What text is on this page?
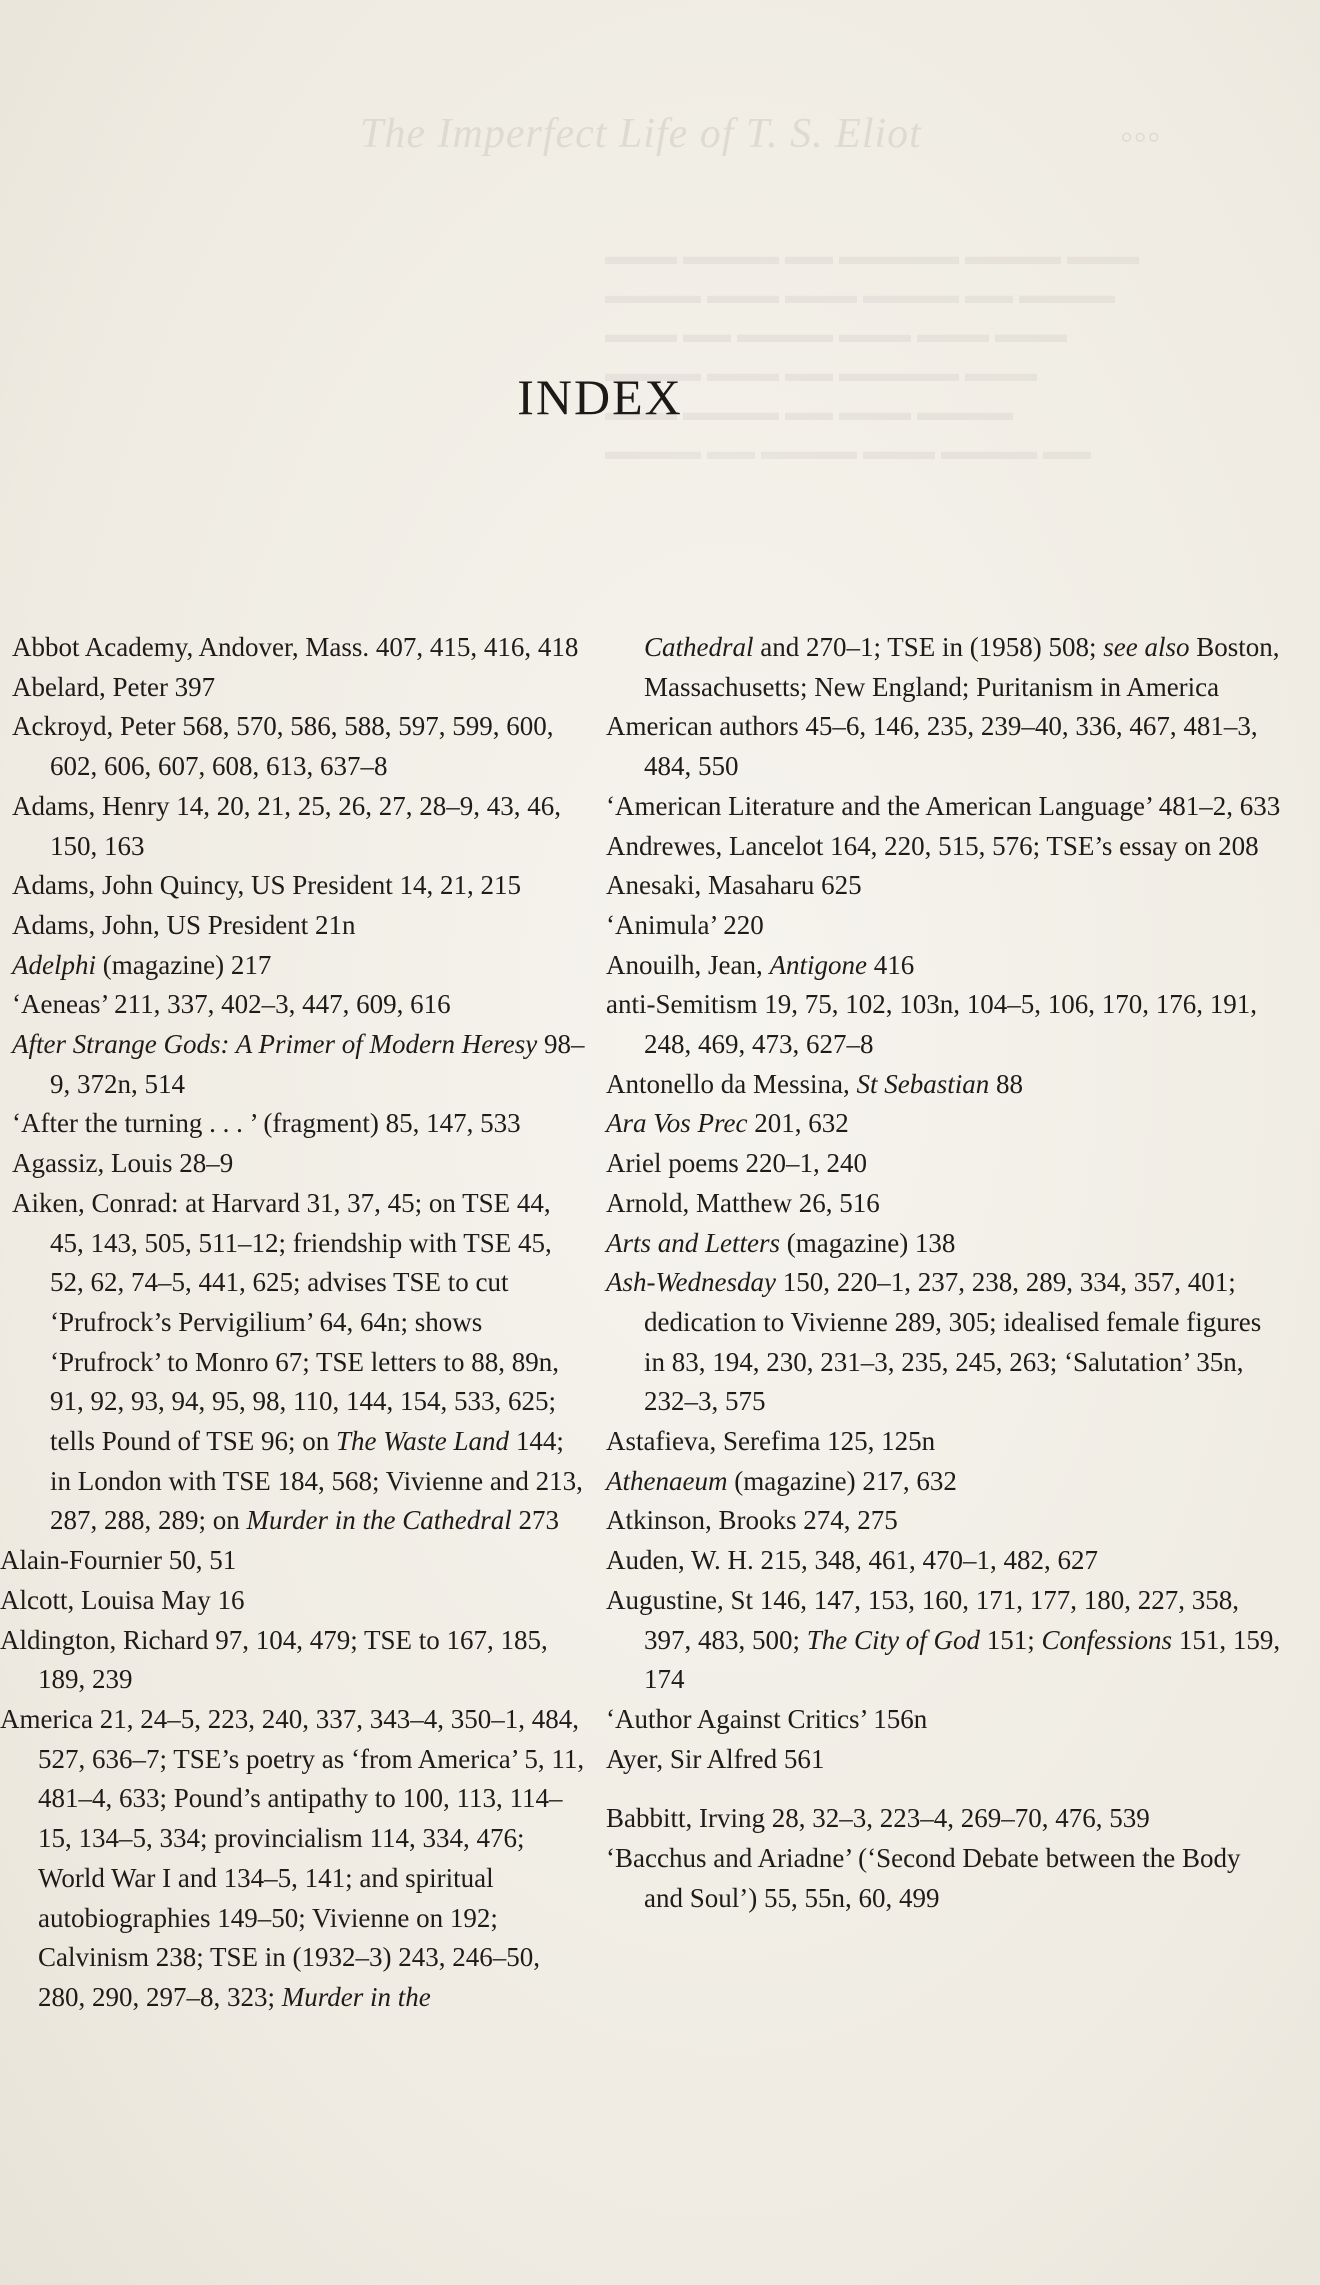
The Imperfect Life of T. S. Eliot	◦◦◦
▬▬▬ ▬▬▬▬ ▬▬ ▬▬▬▬▬ ▬▬▬▬ ▬▬▬
▬▬▬▬ ▬▬▬ ▬▬▬ ▬▬▬▬ ▬▬ ▬▬▬▬
▬▬▬ ▬▬ ▬▬▬▬ ▬▬▬ ▬▬▬ ▬▬▬
▬▬▬▬ ▬▬▬ ▬▬ ▬▬▬▬▬ ▬▬▬
▬▬▬ ▬▬▬▬ ▬▬ ▬▬▬ ▬▬▬▬
▬▬▬▬ ▬▬ ▬▬▬▬ ▬▬▬ ▬▬▬▬ ▬▬
INDEX
Abbot Academy, Andover, Mass. 407, 415, 416, 418
Abelard, Peter 397
Ackroyd, Peter 568, 570, 586, 588, 597, 599, 600, 602, 606, 607, 608, 613, 637–8
Adams, Henry 14, 20, 21, 25, 26, 27, 28–9, 43, 46, 150, 163
Adams, John Quincy, US President 14, 21, 215
Adams, John, US President 21n
Adelphi (magazine) 217
‘Aeneas’ 211, 337, 402–3, 447, 609, 616
After Strange Gods: A Primer of Modern Heresy 98–9, 372n, 514
‘After the turning . . . ’ (fragment) 85, 147, 533
Agassiz, Louis 28–9
Aiken, Conrad: at Harvard 31, 37, 45; on TSE 44, 45, 143, 505, 511–12; friendship with TSE 45, 52, 62, 74–5, 441, 625; advises TSE to cut ‘Prufrock’s Pervigilium’ 64, 64n; shows ‘Prufrock’ to Monro 67; TSE letters to 88, 89n, 91, 92, 93, 94, 95, 98, 110, 144, 154, 533, 625; tells Pound of TSE 96; on The Waste Land 144; in London with TSE 184, 568; Vivienne and 213, 287, 288, 289; on Murder in the Cathedral 273
Alain-Fournier 50, 51
Alcott, Louisa May 16
Aldington, Richard 97, 104, 479; TSE to 167, 185, 189, 239
America 21, 24–5, 223, 240, 337, 343–4, 350–1, 484, 527, 636–7; TSE’s poetry as ‘from America’ 5, 11, 481–4, 633; Pound’s antipathy to 100, 113, 114–15, 134–5, 334; provincialism 114, 334, 476; World War I and 134–5, 141; and spiritual autobiographies 149–50; Vivienne on 192; Calvinism 238; TSE in (1932–3) 243, 246–50, 280, 290, 297–8, 323; Murder in the
Cathedral and 270–1; TSE in (1958) 508; see also Boston, Massachusetts; New England; Puritanism in America
American authors 45–6, 146, 235, 239–40, 336, 467, 481–3, 484, 550
‘American Literature and the American Language’ 481–2, 633
Andrewes, Lancelot 164, 220, 515, 576; TSE’s essay on 208
Anesaki, Masaharu 625
‘Animula’ 220
Anouilh, Jean, Antigone 416
anti-Semitism 19, 75, 102, 103n, 104–5, 106, 170, 176, 191, 248, 469, 473, 627–8
Antonello da Messina, St Sebastian 88
Ara Vos Prec 201, 632
Ariel poems 220–1, 240
Arnold, Matthew 26, 516
Arts and Letters (magazine) 138
Ash-Wednesday 150, 220–1, 237, 238, 289, 334, 357, 401; dedication to Vivienne 289, 305; idealised female figures in 83, 194, 230, 231–3, 235, 245, 263; ‘Salutation’ 35n, 232–3, 575
Astafieva, Serefima 125, 125n
Athenaeum (magazine) 217, 632
Atkinson, Brooks 274, 275
Auden, W. H. 215, 348, 461, 470–1, 482, 627
Augustine, St 146, 147, 153, 160, 171, 177, 180, 227, 358, 397, 483, 500; The City of God 151; Confessions 151, 159, 174
‘Author Against Critics’ 156n
Ayer, Sir Alfred 561
Babbitt, Irving 28, 32–3, 223–4, 269–70, 476, 539
‘Bacchus and Ariadne’ (‘Second Debate between the Body and Soul’) 55, 55n, 60, 499
